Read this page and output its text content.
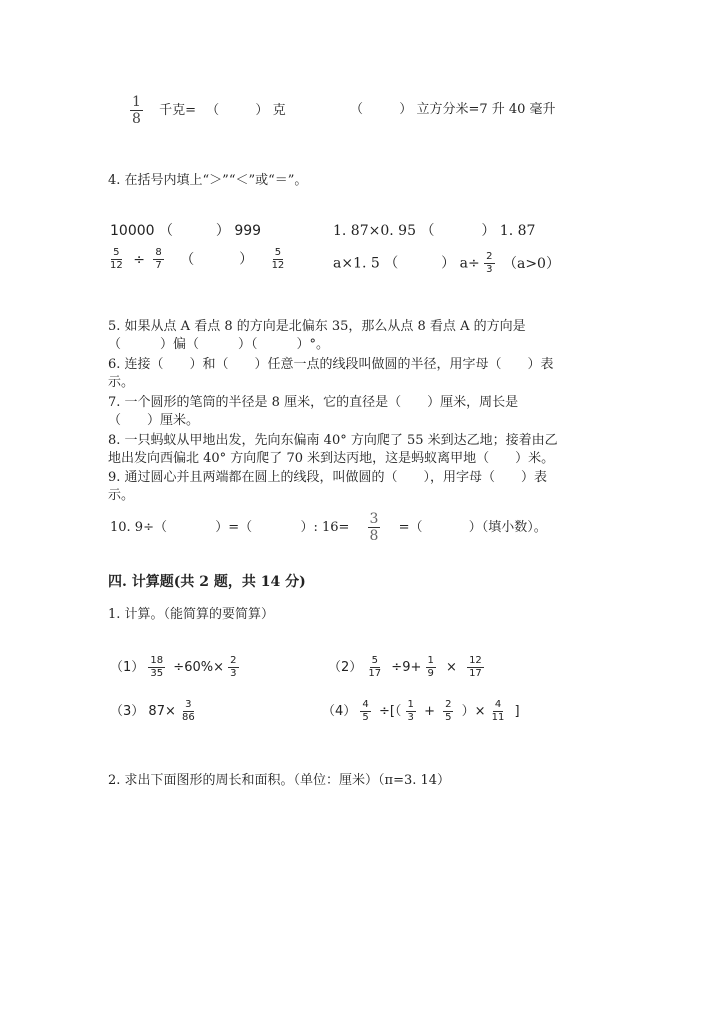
$\frac{1}{8}$ 千克= （	） 克	（	） 立方分米=7 升 40 毫升
4. 在括号内填上“＞”“＜”或“＝”。
10000 （	） 999	1. 87×0. 95 （	） 1. 87
$\frac{5}{12} \div \frac{8}{7}$ （	） $\frac{5}{12}$	a×1. 5 （	） $a\div \frac{2}{3} (a>0)$
5. 如果从点 A 看点 8 的方向是北偏东 35，那么从点 8 看点 A 的方向是
（　　　）偏（　　　）（　　　）°。
6. 连接（　　）和（　　）任意一点的线段叫做圆的半径，用字母（　　）表
示。
7. 一个圆形的笔筒的半径是 8 厘米，它的直径是（　　）厘米，周长是
（　　）厘米。
8. 一只蚂蚁从甲地出发，先向东偏南 40° 方向爬了 55 米到达乙地；接着由乙
地出发向西偏北 40° 方向爬了 70 米到达丙地，这是蚂蚁离甲地（　　）米。
9. 通过圆心并且两端都在圆上的线段，叫做圆的（　　），用字母（　　）表
示。
10. 9÷（	）=（	）: $16= \frac{3}{8}$ =（	）（填小数）。
四. 计算题(共 2 题，共 14 分)
1. 计算。（能简算的要简算）
$(1) \frac{18}{35} \div 60\%\times \frac{2}{3}$	$(2) \frac{5}{17} \div 9+ \frac{1}{9} \times \frac{12}{17}$
（3） $87\times \frac{3}{86}$	$(4) \frac{4}{5}$ ÷[（ $\frac{1}{3} + \frac{2}{5}$ ）× $\frac{4}{11}$ ]
2. 求出下面图形的周长和面积。（单位：厘米）（π=3. 14）
